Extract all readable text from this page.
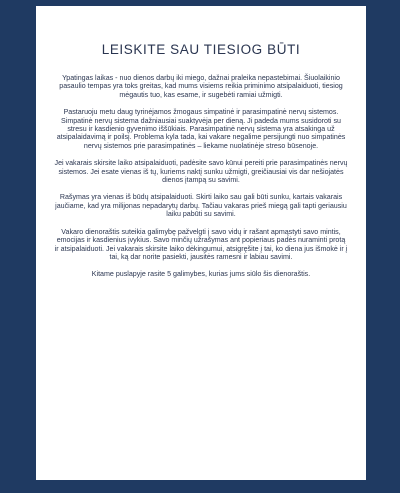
LEISKITE SAU TIESIOG BŪTI

Ypatingas laikas - nuo dienos darbų iki miego, dažnai praleika nepastebimai. Šiuolaikinio pasaulio tempas yra toks greitas, kad mums visiems reikia priminimo atsipalaiduoti, tiesiog mėgautis tuo, kas esame, ir sugebėti ramiai užmigti.

Pastaruoju metu daug tyrinėjamos žmogaus simpatinė ir parasimpatinė nervų sistemos. Simpatinė nervų sistema dažniausiai suaktyvėja per dieną. Ji padeda mums susidoroti su stresu ir kasdienio gyvenimo iššūkiais. Parasimpatinė nervų sistema yra atsakinga už atsipalaidavimą ir poilsį. Problema kyla tada, kai vakare negalime persijungti nuo simpatinės nervų sistemos prie parasimpatinės – liekame nuolatinėje streso būsenoje.

Jei vakarais skirsite laiko atsipalaiduoti, padėsite savo kūnui pereiti prie parasimpatinės nervų sistemos. Jei esate vienas iš tų, kuriems naktį sunku užmigti, greičiausiai vis dar nešiojatės dienos įtampą su savimi.

Rašymas yra vienas iš būdų atsipalaiduoti. Skirti laiko sau gali būti sunku, kartais vakarais jaučiame, kad yra milijonas nepadarytų darbų. Tačiau vakaras prieš miegą gali tapti geriausiu laiku pabūti su savimi.

Vakaro dienoraštis suteikia galimybę pažvelgti į savo vidų ir rašant apmąstyti savo mintis, emocijas ir kasdienius įvykius. Savo minčių užrašymas ant popieriaus padės nuraminti protą ir atsipalaiduoti. Jei vakarais skirsite laiko dėkingumui, atsigręšite į tai, ko dienа jus išmokė ir į tai, ką dar norite pasiekti, jausitės ramesni ir labiau savimi.

Kitame puslapyje rasite 5 galimybes, kurias jums siūlo šis dienoraštis.
